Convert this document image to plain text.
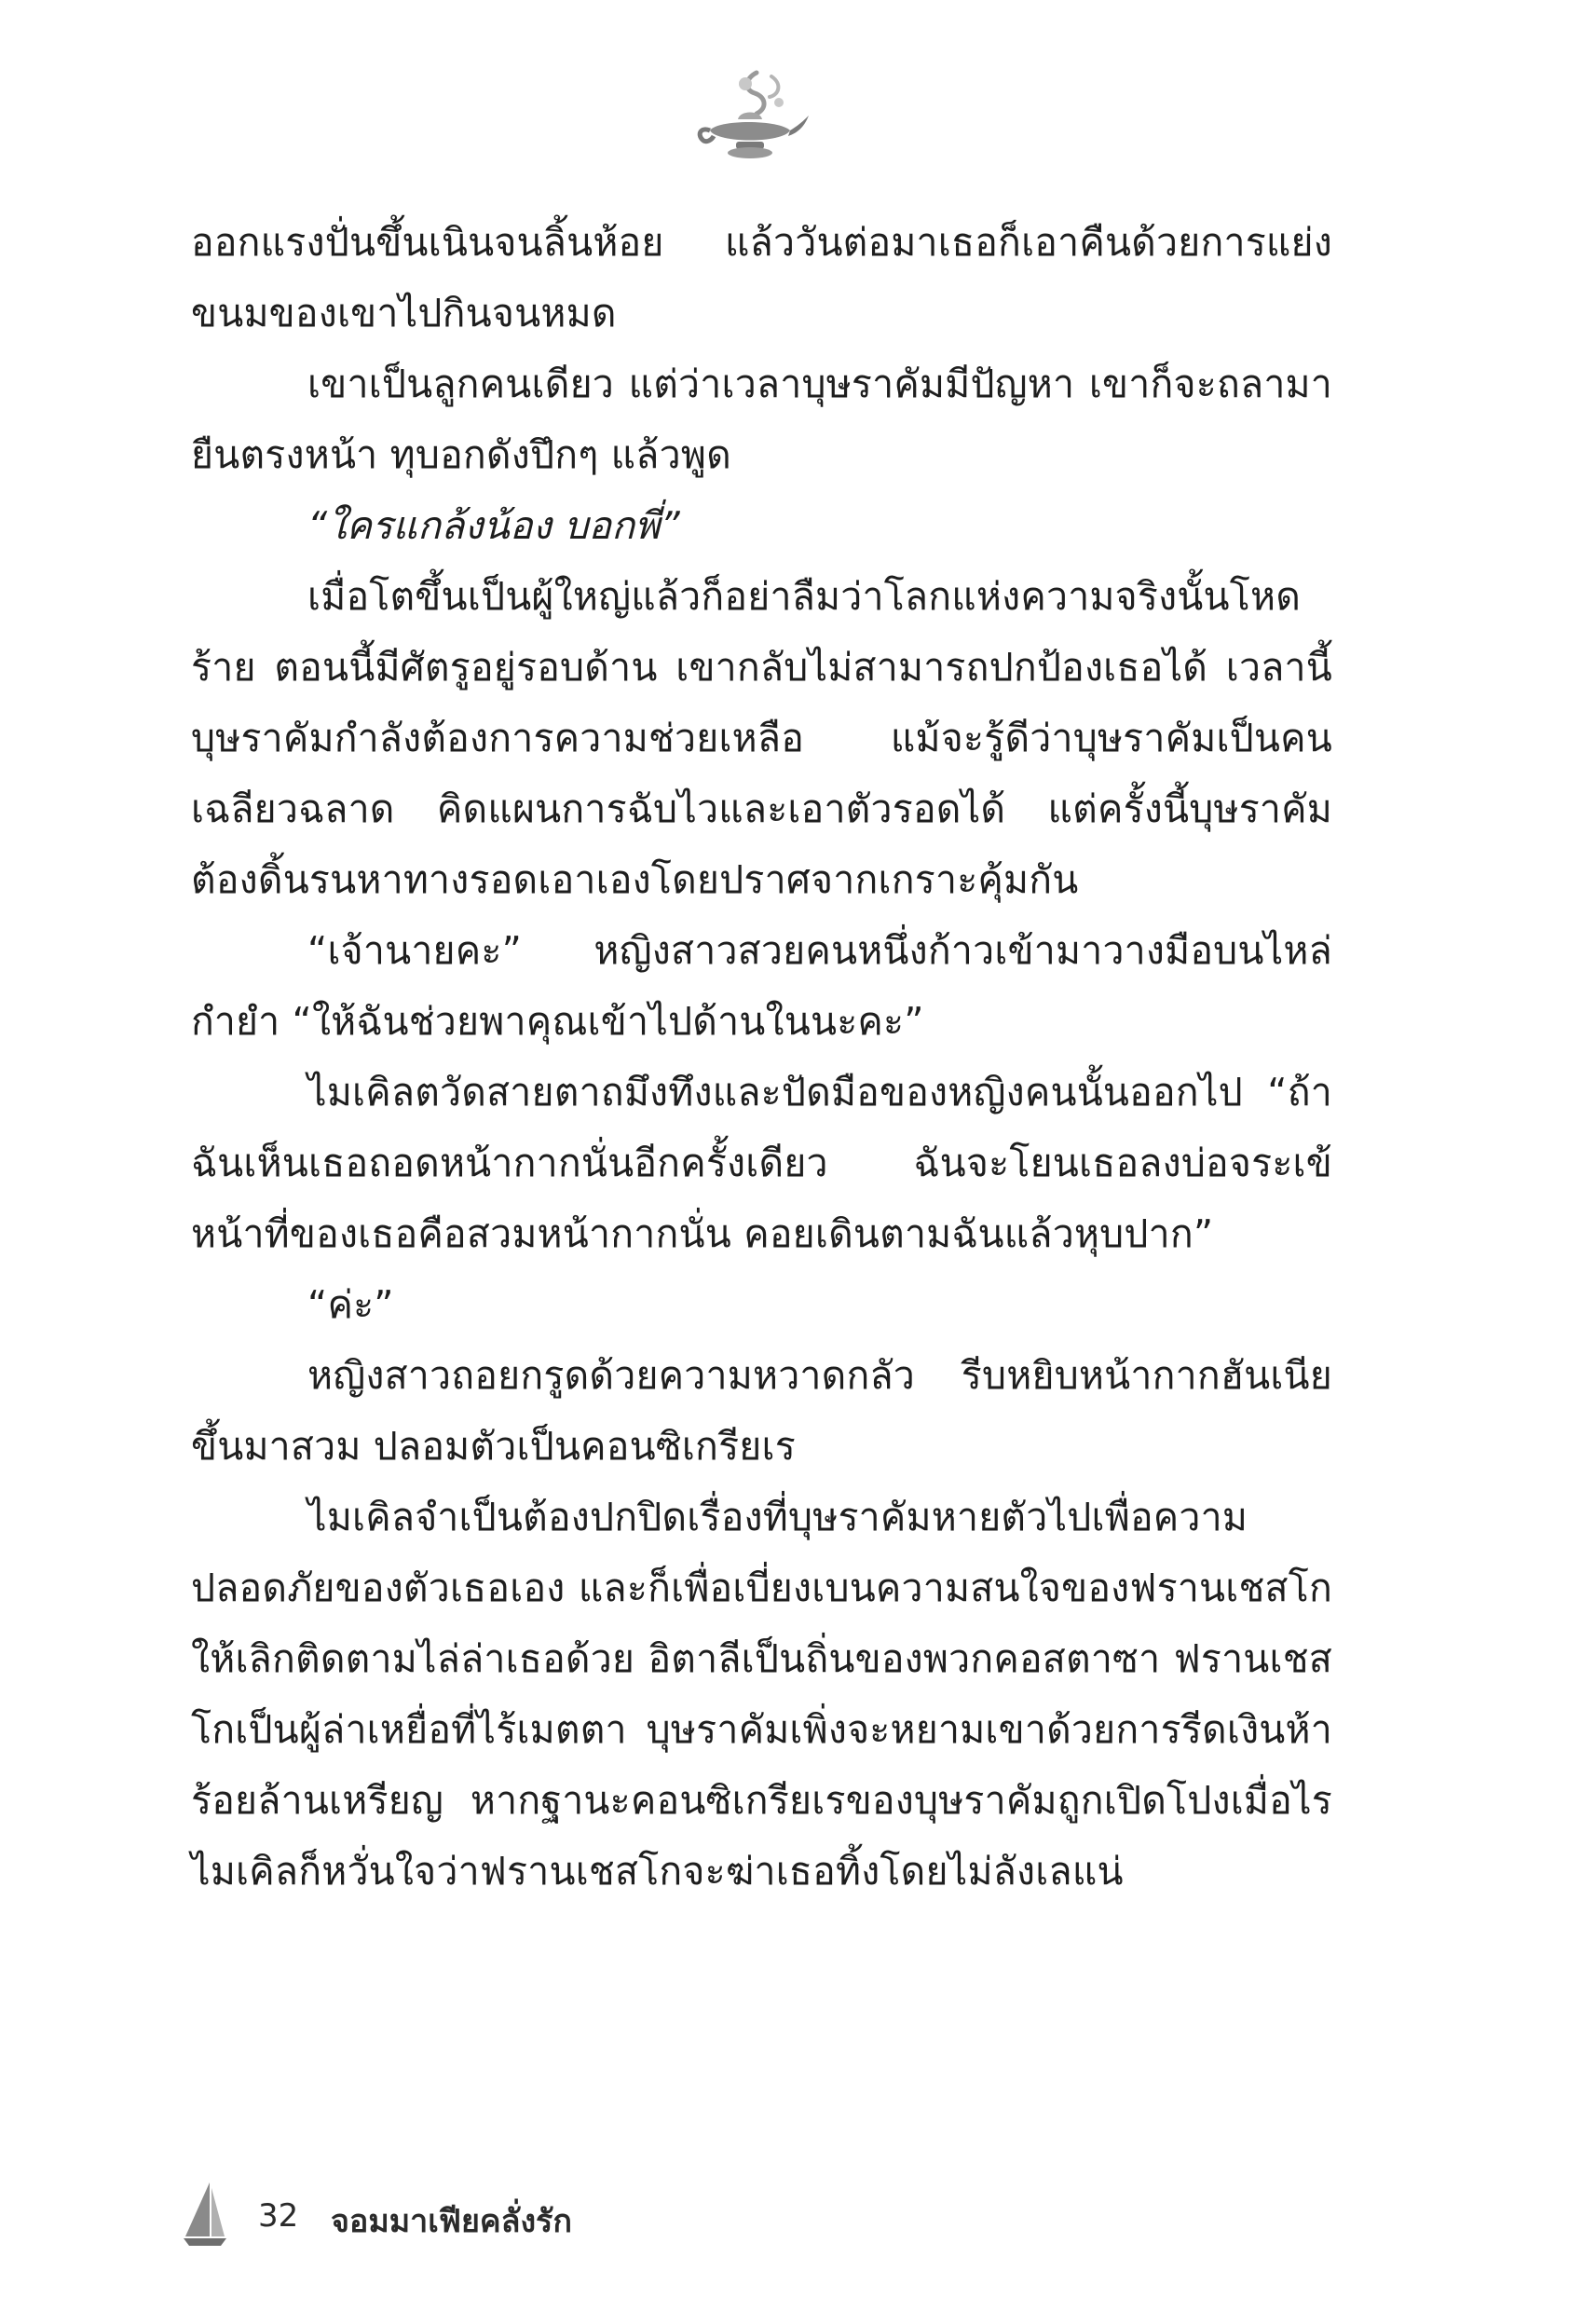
ออกแรงปั่นขึ้นเนินจนลิ้นห้อย แล้ววันต่อมาเธอก็เอาคืนด้วยการแย่งขนมของเขาไปกินจนหมด

เขาเป็นลูกคนเดียว แต่ว่าเวลาบุษราคัมมีปัญหา เขาก็จะถลามายืนตรงหน้า ทุบอกดังปึกๆ แล้วพูด

“ใครแกล้งน้อง บอกพี่”

เมื่อโตขึ้นเป็นผู้ใหญ่แล้วก็อย่าลืมว่าโลกแห่งความจริงนั้นโหดร้าย ตอนนี้มีศัตรูอยู่รอบด้าน เขากลับไม่สามารถปกป้องเธอได้ เวลานี้บุษราคัมกำลังต้องการความช่วยเหลือ แม้จะรู้ดีว่าบุษราคัมเป็นคนเฉลียวฉลาด คิดแผนการฉับไวและเอาตัวรอดได้ แต่ครั้งนี้บุษราคัมต้องดิ้นรนหาทางรอดเอาเองโดยปราศจากเกราะคุ้มกัน

“เจ้านายคะ” หญิงสาวสวยคนหนึ่งก้าวเข้ามาวางมือบนไหล่กำยำ “ให้ฉันช่วยพาคุณเข้าไปด้านในนะคะ”

ไมเคิลตวัดสายตาถมึงทึงและปัดมือของหญิงคนนั้นออกไป “ถ้าฉันเห็นเธอถอดหน้ากากนั่นอีกครั้งเดียว ฉันจะโยนเธอลงบ่อจระเข้ หน้าที่ของเธอคือสวมหน้ากากนั่น คอยเดินตามฉันแล้วหุบปาก”

“ค่ะ”

หญิงสาวถอยกรูดด้วยความหวาดกลัว รีบหยิบหน้ากากฮันเนียขึ้นมาสวม ปลอมตัวเป็นคอนซิเกรียเร

ไมเคิลจำเป็นต้องปกปิดเรื่องที่บุษราคัมหายตัวไปเพื่อความปลอดภัยของตัวเธอเอง และก็เพื่อเบี่ยงเบนความสนใจของฟรานเชสโกให้เลิกติดตามไล่ล่าเธอด้วย อิตาลีเป็นถิ่นของพวกคอสตาซา ฟรานเชสโกเป็นผู้ล่าเหยื่อที่ไร้เมตตา บุษราคัมเพิ่งจะหยามเขาด้วยการรีดเงินห้าร้อยล้านเหรียญ หากฐานะคอนซิเกรียเรของบุษราคัมถูกเปิดโปงเมื่อไร ไมเคิลก็หวั่นใจว่าฟรานเชสโกจะฆ่าเธอทิ้งโดยไม่ลังเลแน่

32 จอมมาเฟียคลั่งรัก
